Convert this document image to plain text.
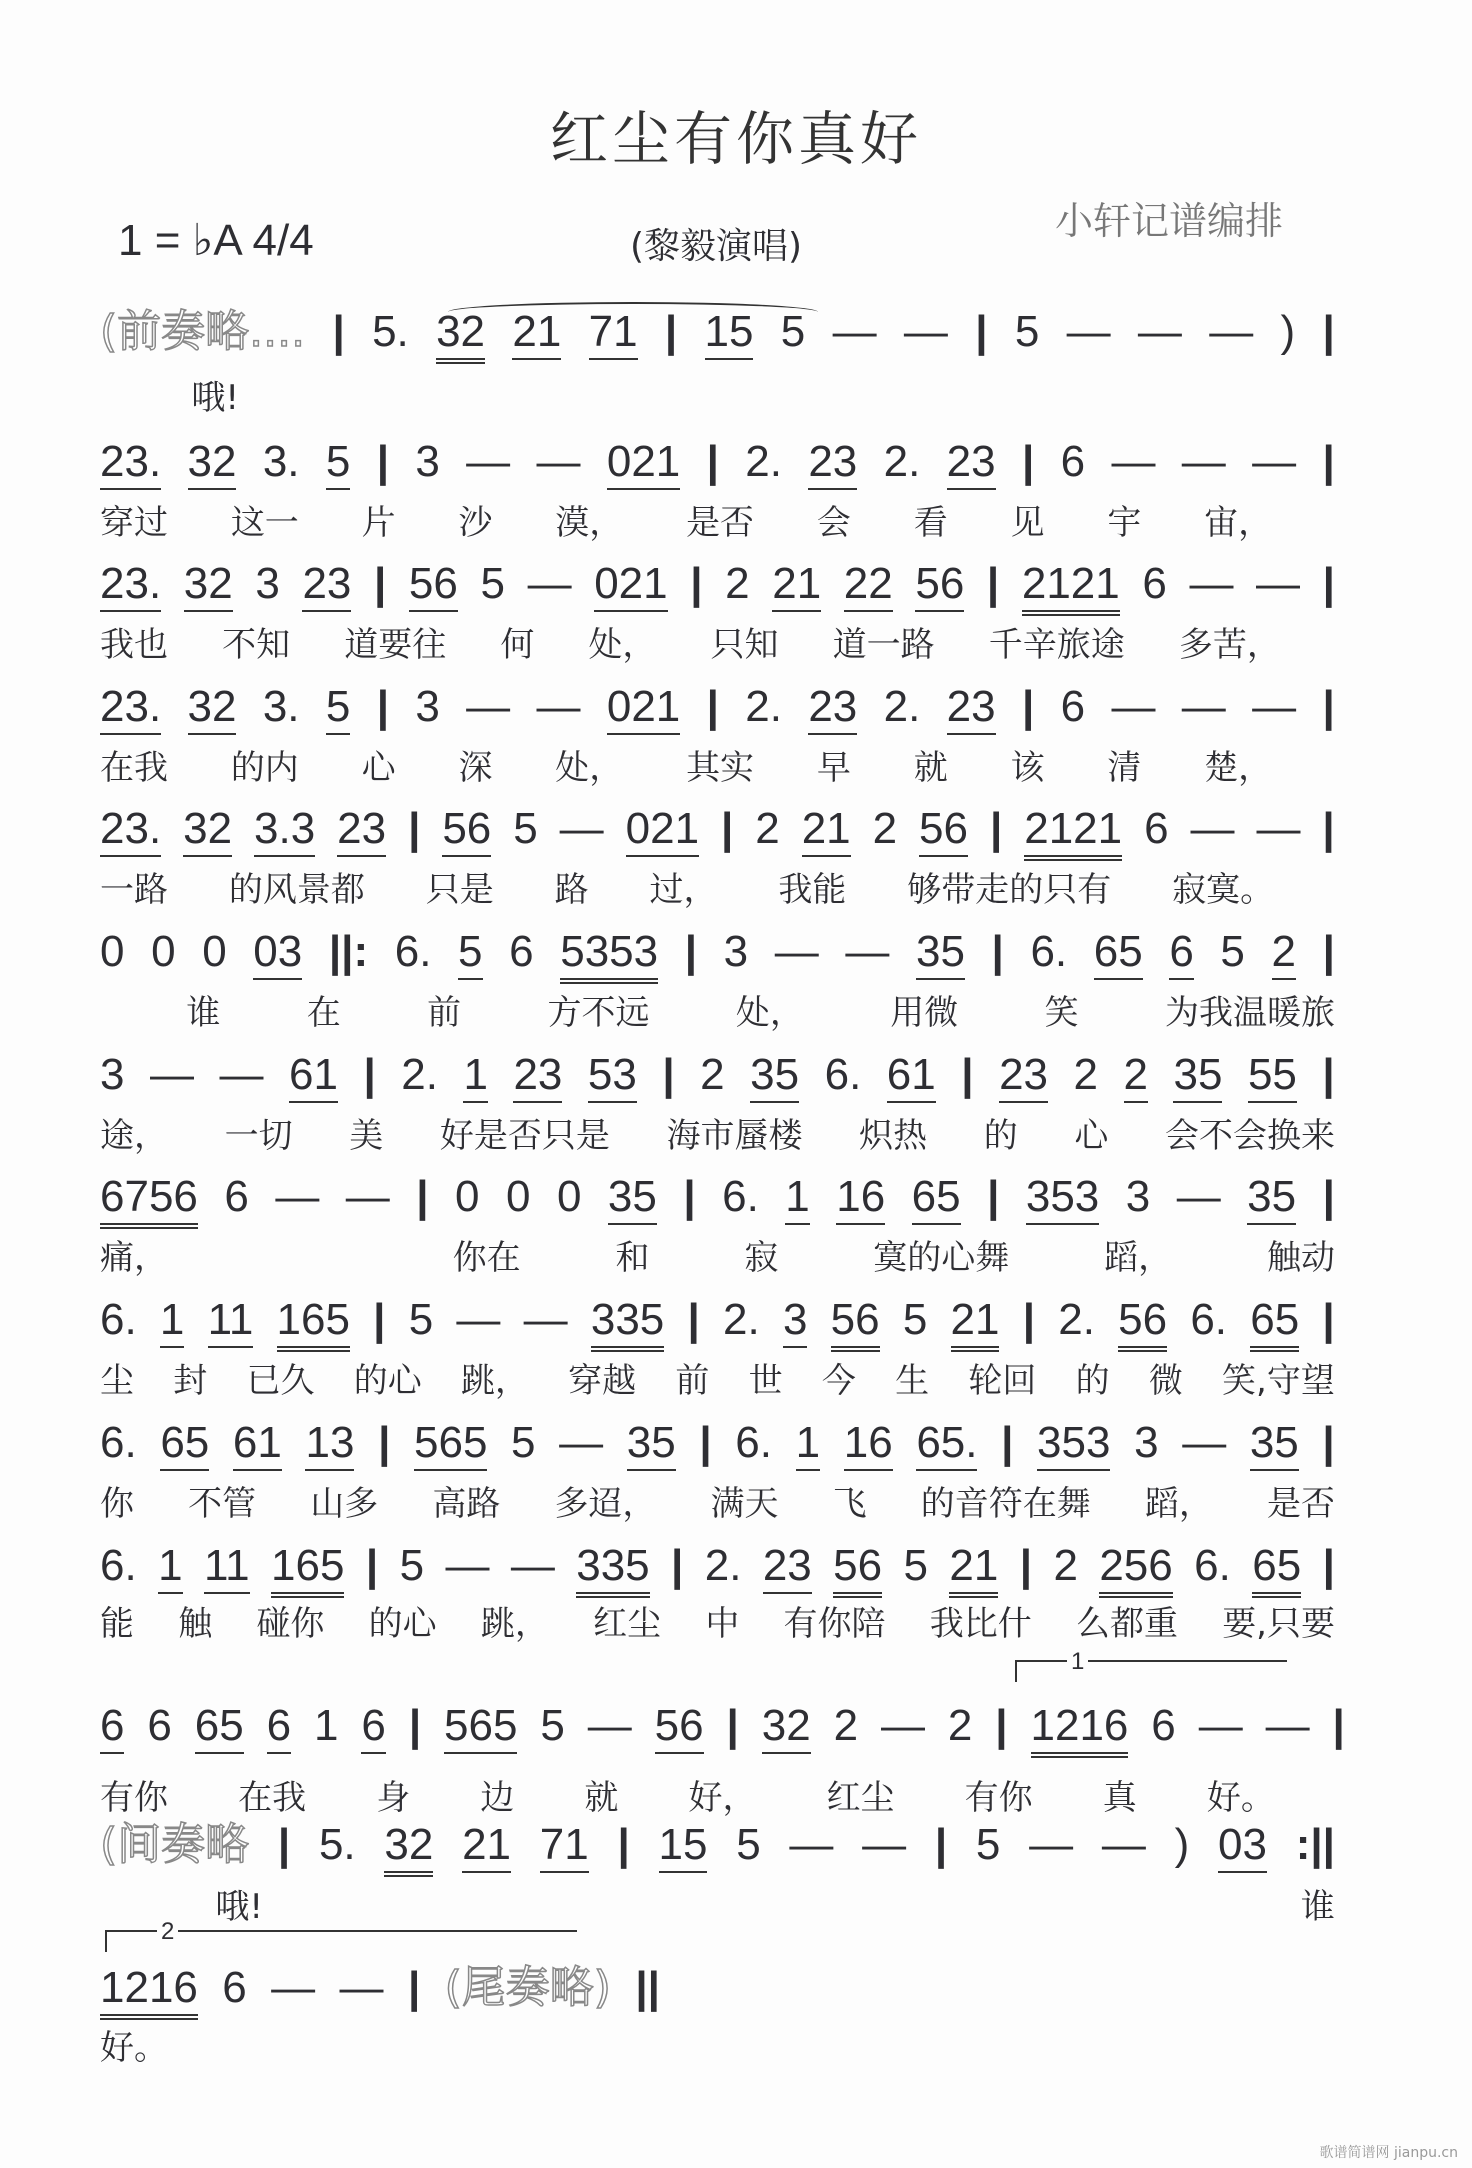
红尘有你真好
1 = ♭A 4/4	(黎毅演唱)
小轩记谱编排
(前奏略.... | 5. 32 21 71 | 15 5 — — | 5 — — — ) |
哦!
23. 32 3. 5 | 3 — — 021 | 2. 23 2. 23 | 6 — — — |
穿过 这一 片 沙 漠， 是否 会 看 见 宇 宙，
23. 32 3 23 | 56 5 — 021 | 2 21 22 56 | 2121 6 — — |
我也 不知 道要往 何 处， 只知 道一路 千辛旅途 多苦，
23. 32 3. 5 | 3 — — 021 | 2. 23 2. 23 | 6 — — — |
在我 的内 心 深 处， 其实 早 就 该 清 楚，
23. 32 3.3 23 | 56 5 — 021 | 2 21 2 56 | 2121 6 — — |
一路 的风景都 只是 路 过， 我能 够带走的只有 寂寞。
0 0 0 03 ||: 6. 5 6 5353 | 3 — — 35 | 6. 65 6 5 2 |
谁	在	前	方不远	处，	用微	笑	为我温暖旅
3 — — 61 | 2. 1 23 53 | 2 35 6. 61 | 23 2 2 35 55 |
途， 一切 美 好是否只是 海市蜃楼 炽热 的 心 会不会换来
6756 6 — — | 0 0 0 35 | 6. 1 16 65 | 353 3 — 35 |
痛，	你在	和	寂	寞的心舞	蹈，	触动
6. 1 11 165 | 5 — — 335 | 2. 3 56 5 21 | 2. 56 6. 65 |
尘 封 已久 的心 跳， 穿越 前 世 今 生 轮回 的 微 笑,守望
6. 65 61 13 | 565 5 — 35 | 6. 1 16 65. | 353 3 — 35 |
你 不管 山多 高路 多迢， 满天 飞 的音符在舞 蹈， 是否
6. 1 11 165 | 5 — — 335 | 2. 23 56 5 21 | 2 256 6. 65 |
能 触 碰你 的心 跳， 红尘 中 有你陪 我比什 么都重 要,只要
6 6 65 6 1 6 | 565 5 — 56 | 32 2 — 2 | 1216 6 — — |
有你 在我 身 边 就 好， 红尘 有你 真 好。
(间奏略 | 5. 32 21 71 | 15 5 — — | 5 — — ) 03 :||
哦!	谁
1216 6 — — | (尾奏略) ||
好。
1
2
歌谱简谱网 jianpu.cn
